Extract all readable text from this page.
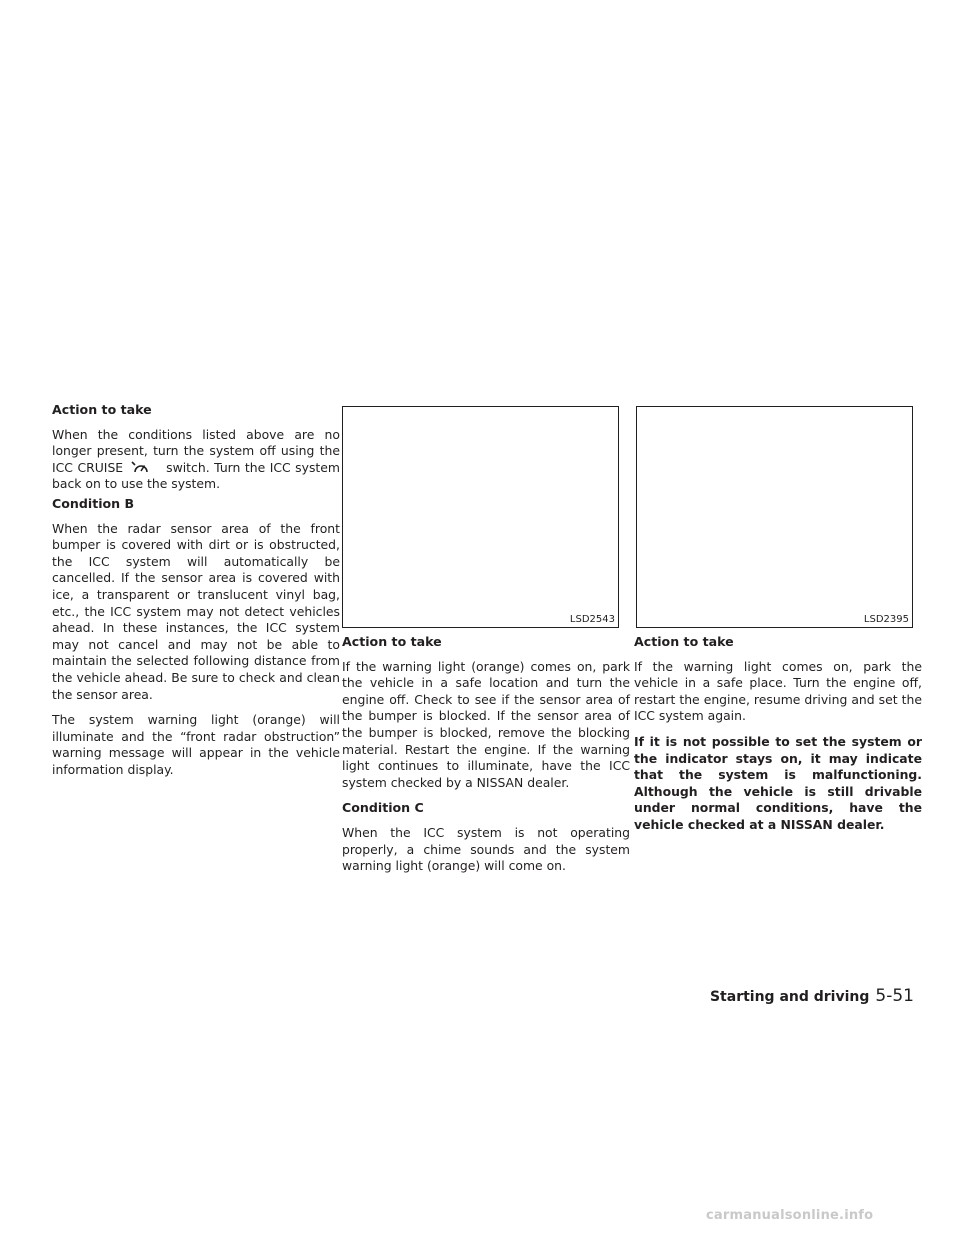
Action to take

When the conditions listed above are no longer present, turn the system off using the ICC CRUISE	switch. Turn the ICC system back on to use the system.

Condition B

When the radar sensor area of the front bumper is covered with dirt or is obstructed, the ICC system will automatically be cancelled. If the sensor area is covered with ice, a transparent or translucent vinyl bag, etc., the ICC system may not detect vehicles ahead. In these instances, the ICC system may not cancel and may not be able to maintain the selected following distance from the vehicle ahead. Be sure to check and clean the sensor area.

The system warning light (orange) will illuminate and the “front radar obstruction” warning message will appear in the vehicle information display.

LSD2543	LSD2395
Action to take

If the warning light (orange) comes on, park the vehicle in a safe location and turn the engine off. Check to see if the sensor area of the bumper is blocked. If the sensor area of the bumper is blocked, remove the blocking material. Restart the engine. If the warning light continues to illuminate, have the ICC system checked by a NISSAN dealer.

Condition C

When the ICC system is not operating properly, a chime sounds and the system warning light (orange) will come on.

Action to take

If the warning light comes on, park the vehicle in a safe place. Turn the engine off, restart the engine, resume driving and set the ICC system again.

If it is not possible to set the system or the indicator stays on, it may indicate that the system is malfunctioning. Although the vehicle is still drivable under normal conditions, have the vehicle checked at a NISSAN dealer.

Starting and driving 5-51
carmanualsonline.info
